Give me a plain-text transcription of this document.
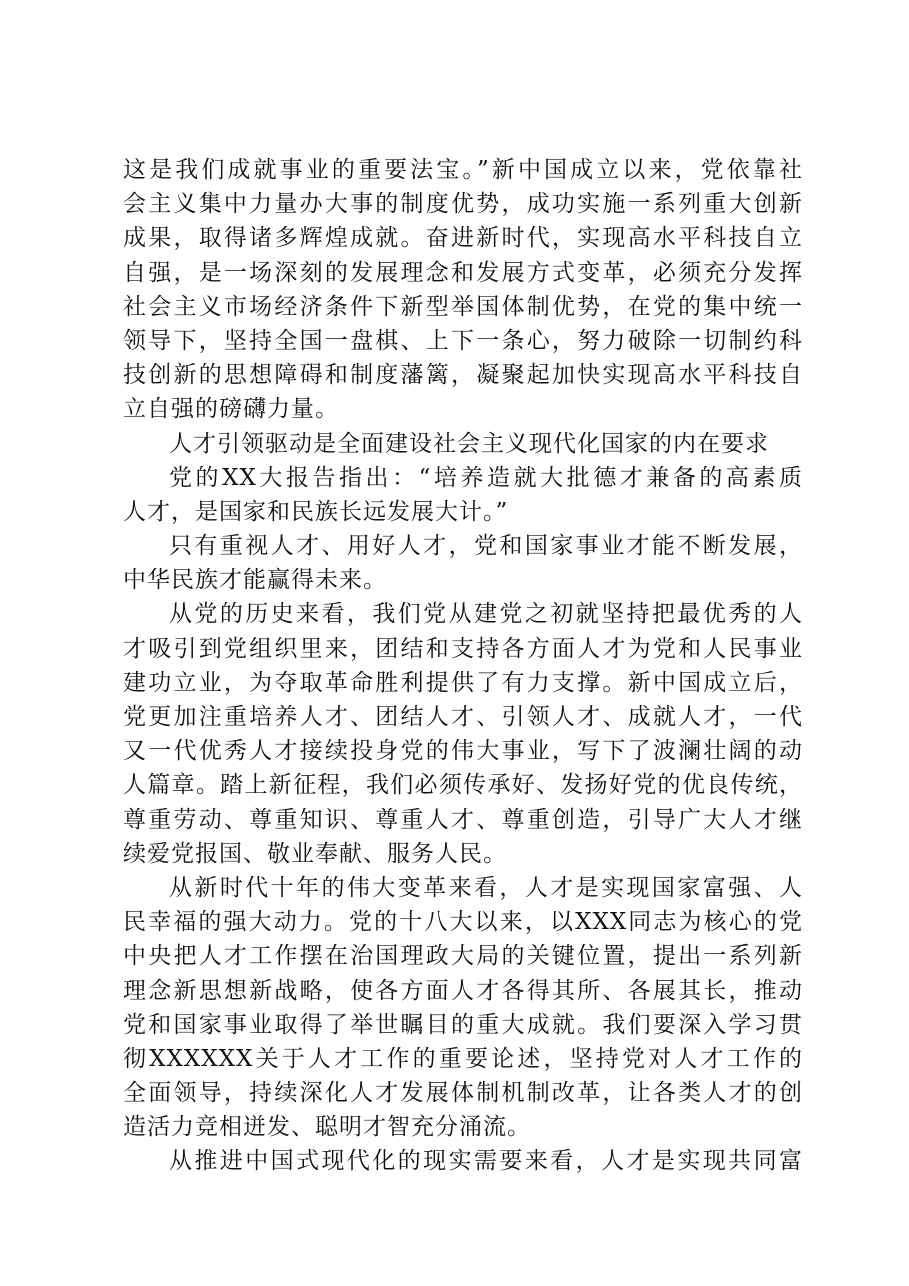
这是我们成就事业的重要法宝。”新中国成立以来，党依靠社
会主义集中力量办大事的制度优势，成功实施一系列重大创新
成果，取得诸多辉煌成就。奋进新时代，实现高水平科技自立
自强，是一场深刻的发展理念和发展方式变革，必须充分发挥
社会主义市场经济条件下新型举国体制优势，在党的集中统一
领导下，坚持全国一盘棋、上下一条心，努力破除一切制约科
技创新的思想障碍和制度藩篱，凝聚起加快实现高水平科技自
立自强的磅礴力量。
人才引领驱动是全面建设社会主义现代化国家的内在要求
党的XX大报告指出：“培养造就大批德才兼备的高素质
人才，是国家和民族长远发展大计。”
只有重视人才、用好人才，党和国家事业才能不断发展，
中华民族才能赢得未来。
从党的历史来看，我们党从建党之初就坚持把最优秀的人
才吸引到党组织里来，团结和支持各方面人才为党和人民事业
建功立业，为夺取革命胜利提供了有力支撑。新中国成立后，
党更加注重培养人才、团结人才、引领人才、成就人才，一代
又一代优秀人才接续投身党的伟大事业，写下了波澜壮阔的动
人篇章。踏上新征程，我们必须传承好、发扬好党的优良传统，
尊重劳动、尊重知识、尊重人才、尊重创造，引导广大人才继
续爱党报国、敬业奉献、服务人民。
从新时代十年的伟大变革来看，人才是实现国家富强、人
民幸福的强大动力。党的十八大以来，以XXX同志为核心的党
中央把人才工作摆在治国理政大局的关键位置，提出一系列新
理念新思想新战略，使各方面人才各得其所、各展其长，推动
党和国家事业取得了举世瞩目的重大成就。我们要深入学习贯
彻XXXXXX关于人才工作的重要论述，坚持党对人才工作的
全面领导，持续深化人才发展体制机制改革，让各类人才的创
造活力竞相迸发、聪明才智充分涌流。
从推进中国式现代化的现实需要来看，人才是实现共同富
